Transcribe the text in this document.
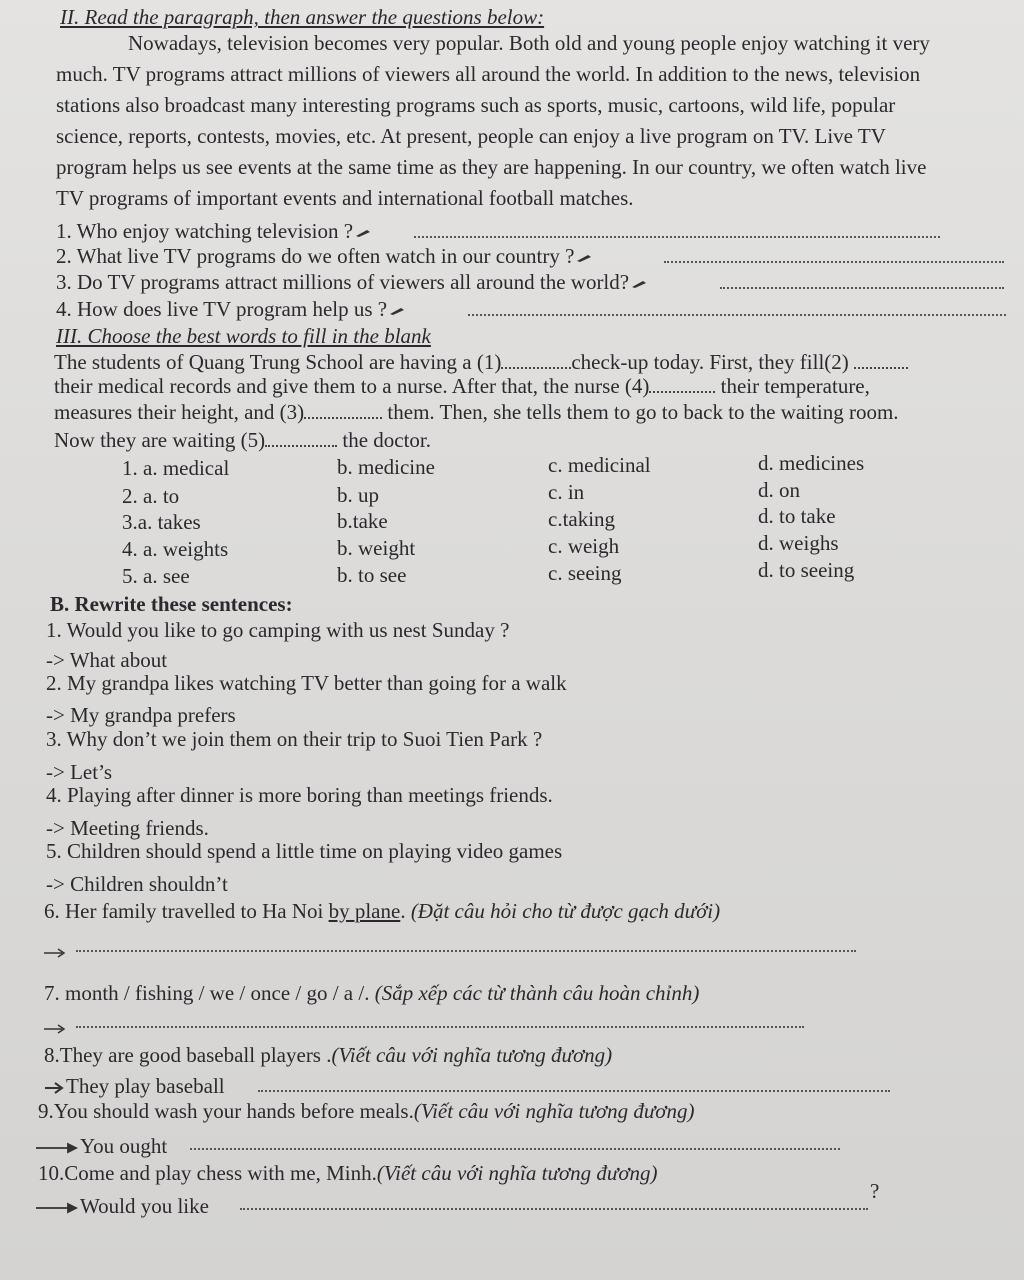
II. Read the paragraph, then answer the questions below:
Nowadays, television becomes very popular. Both old and young people enjoy watching it very
much. TV programs attract millions of viewers all around the world. In addition to the news, television
stations also broadcast many interesting programs such as sports, music, cartoons, wild life, popular
science, reports, contests, movies, etc. At present, people can enjoy a live program on TV. Live TV
program helps us see events at the same time as they are happening. In our country, we often watch live
TV programs of important events and international football matches.
1. Who enjoy watching television ?
2. What live TV programs do we often watch in our country ?
3. Do TV programs attract millions of viewers all around the world?
4. How does live TV program help us ?
III. Choose the best words to fill in the blank
The students of Quang Trung School are having a (1)	check-up today. First, they fill(2)
their medical records and give them to a nurse. After that, the nurse (4)	their temperature,
measures their height, and (3)	them. Then, she tells them to go to back to the waiting room.
Now they are waiting (5)	the doctor.
1. a. medical	b. medicine	c. medicinal	d. medicines
2. a. to	b. up	c. in	d. on
3.a. takes	b.take	c.taking	d. to take
4. a. weights	b. weight	c. weigh	d. weighs
5. a. see	b. to see	c. seeing	d. to seeing
B. Rewrite these sentences:
1. Would you like to go camping with us nest Sunday ?
-> What about
2. My grandpa likes watching TV better than going for a walk
-> My grandpa prefers
3. Why don’t we join them on their trip to Suoi Tien Park ?
-> Let’s
4. Playing after dinner is more boring than meetings friends.
-> Meeting friends.
5. Children should spend a little time on playing video games
-> Children shouldn’t
6. Her family travelled to Ha Noi by plane. (Đặt câu hỏi cho từ được gạch dưới)
7. month / fishing / we / once / go / a /. (Sắp xếp các từ thành câu hoàn chỉnh)
8.They are good baseball players .(Viết câu với nghĩa tương đương)
They play baseball
9.You should wash your hands before meals.(Viết câu với nghĩa tương đương)
You ought
10.Come and play chess with me, Minh.(Viết câu với nghĩa tương đương)
Would you like
?
